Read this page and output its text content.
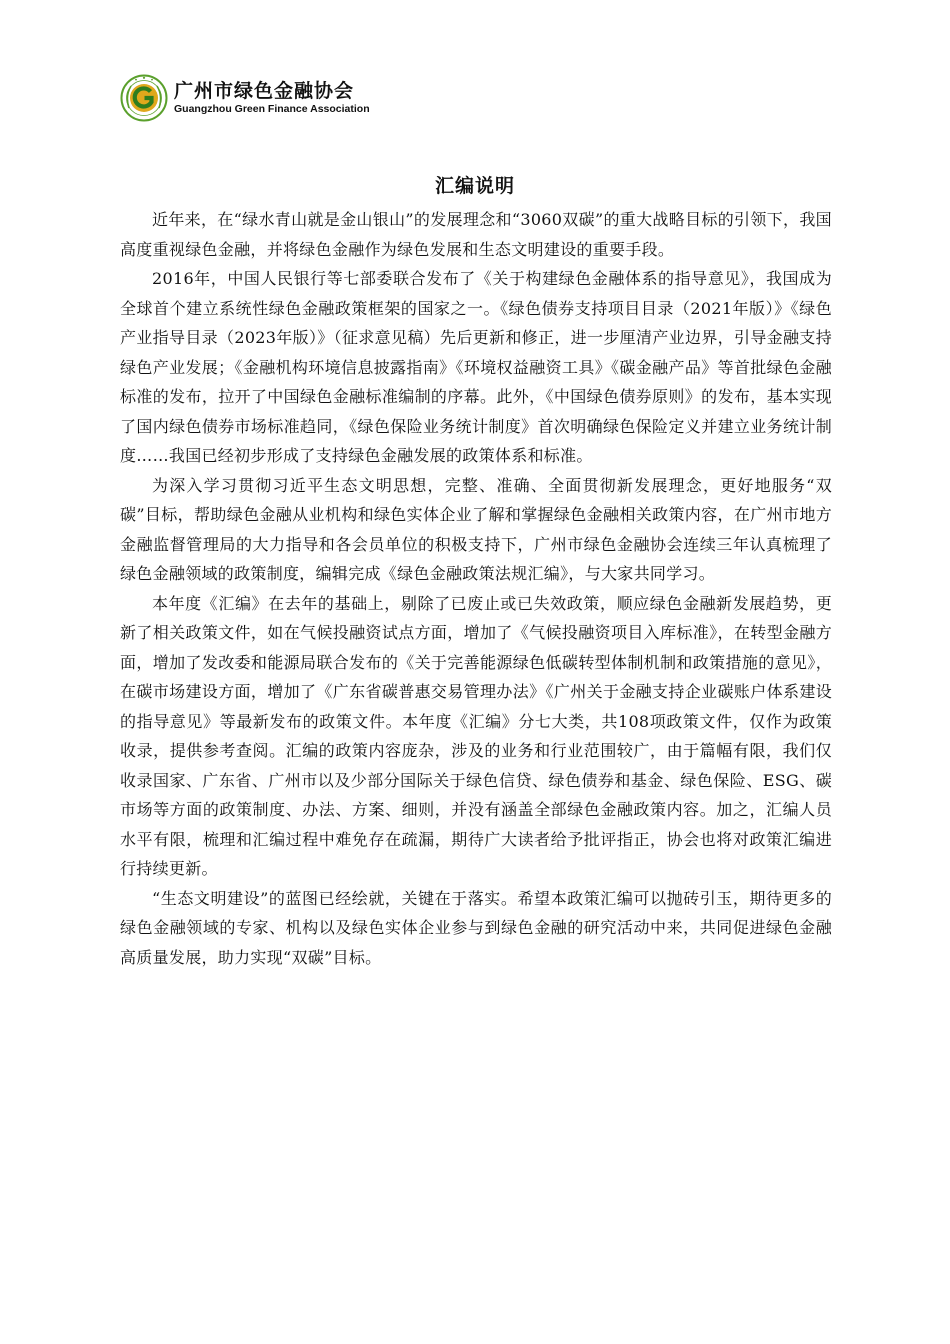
广州市绿色金融协会
Guangzhou Green Finance Association
汇编说明

近年来，在“绿水青山就是金山银山”的发展理念和“3060双碳”的重大战略目标的引领下，我国高度重视绿色金融，并将绿色金融作为绿色发展和生态文明建设的重要手段。

2016年，中国人民银行等七部委联合发布了《关于构建绿色金融体系的指导意见》，我国成为全球首个建立系统性绿色金融政策框架的国家之一。《绿色债券支持项目目录（2021年版）》《绿色产业指导目录（2023年版）》（征求意见稿）先后更新和修正，进一步厘清产业边界，引导金融支持绿色产业发展；《金融机构环境信息披露指南》《环境权益融资工具》《碳金融产品》等首批绿色金融标准的发布，拉开了中国绿色金融标准编制的序幕。此外，《中国绿色债券原则》的发布，基本实现了国内绿色债券市场标准趋同，《绿色保险业务统计制度》首次明确绿色保险定义并建立业务统计制度……我国已经初步形成了支持绿色金融发展的政策体系和标准。

为深入学习贯彻习近平生态文明思想，完整、准确、全面贯彻新发展理念，更好地服务“双碳”目标，帮助绿色金融从业机构和绿色实体企业了解和掌握绿色金融相关政策内容，在广州市地方金融监督管理局的大力指导和各会员单位的积极支持下，广州市绿色金融协会连续三年认真梳理了绿色金融领域的政策制度，编辑完成《绿色金融政策法规汇编》，与大家共同学习。

本年度《汇编》在去年的基础上，剔除了已废止或已失效政策，顺应绿色金融新发展趋势，更新了相关政策文件，如在气候投融资试点方面，增加了《气候投融资项目入库标准》，在转型金融方面，增加了发改委和能源局联合发布的《关于完善能源绿色低碳转型体制机制和政策措施的意见》，在碳市场建设方面，增加了《广东省碳普惠交易管理办法》《广州关于金融支持企业碳账户体系建设的指导意见》等最新发布的政策文件。本年度《汇编》分七大类，共108项政策文件，仅作为政策收录，提供参考查阅。汇编的政策内容庞杂，涉及的业务和行业范围较广，由于篇幅有限，我们仅收录国家、广东省、广州市以及少部分国际关于绿色信贷、绿色债券和基金、绿色保险、ESG、碳市场等方面的政策制度、办法、方案、细则，并没有涵盖全部绿色金融政策内容。加之，汇编人员水平有限，梳理和汇编过程中难免存在疏漏，期待广大读者给予批评指正，协会也将对政策汇编进行持续更新。

“生态文明建设”的蓝图已经绘就，关键在于落实。希望本政策汇编可以抛砖引玉，期待更多的绿色金融领域的专家、机构以及绿色实体企业参与到绿色金融的研究活动中来，共同促进绿色金融高质量发展，助力实现“双碳”目标。
